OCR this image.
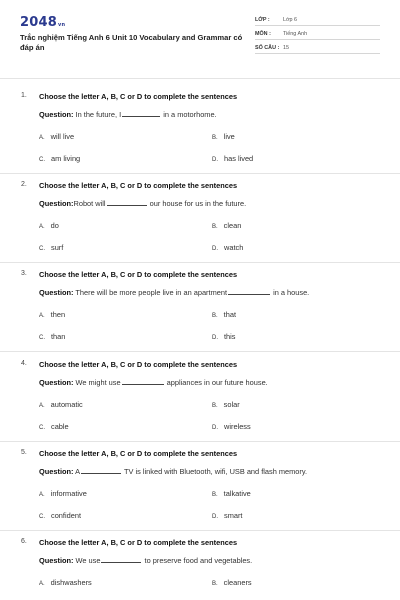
2048vn
Trắc nghiệm Tiếng Anh 6 Unit 10 Vocabulary and Grammar có đáp án
LỚP : Lớp 6
MÔN : Tiếng Anh
SỐ CÂU : 15
1. Choose the letter A, B, C or D to complete the sentences
Question: In the future, I	in a motorhome.
A. will live	B. live
C. am living	D. has lived
2. Choose the letter A, B, C or D to complete the sentences
Question:Robot will	our house for us in the future.
A. do	B. clean
C. surf	D. watch
3. Choose the letter A, B, C or D to complete the sentences
Question: There will be more people live in an apartment	in a house.
A. then	B. that
C. than	D. this
4. Choose the letter A, B, C or D to complete the sentences
Question: We might use	appliances in our future house.
A. automatic	B. solar
C. cable	D. wireless
5. Choose the letter A, B, C or D to complete the sentences
Question: A	TV is linked with Bluetooth, wifi, USB and flash memory.
A. informative	B. talkative
C. confident	D. smart
6. Choose the letter A, B, C or D to complete the sentences
Question: We use	to preserve food and vegetables.
A. dishwashers	B. cleaners
